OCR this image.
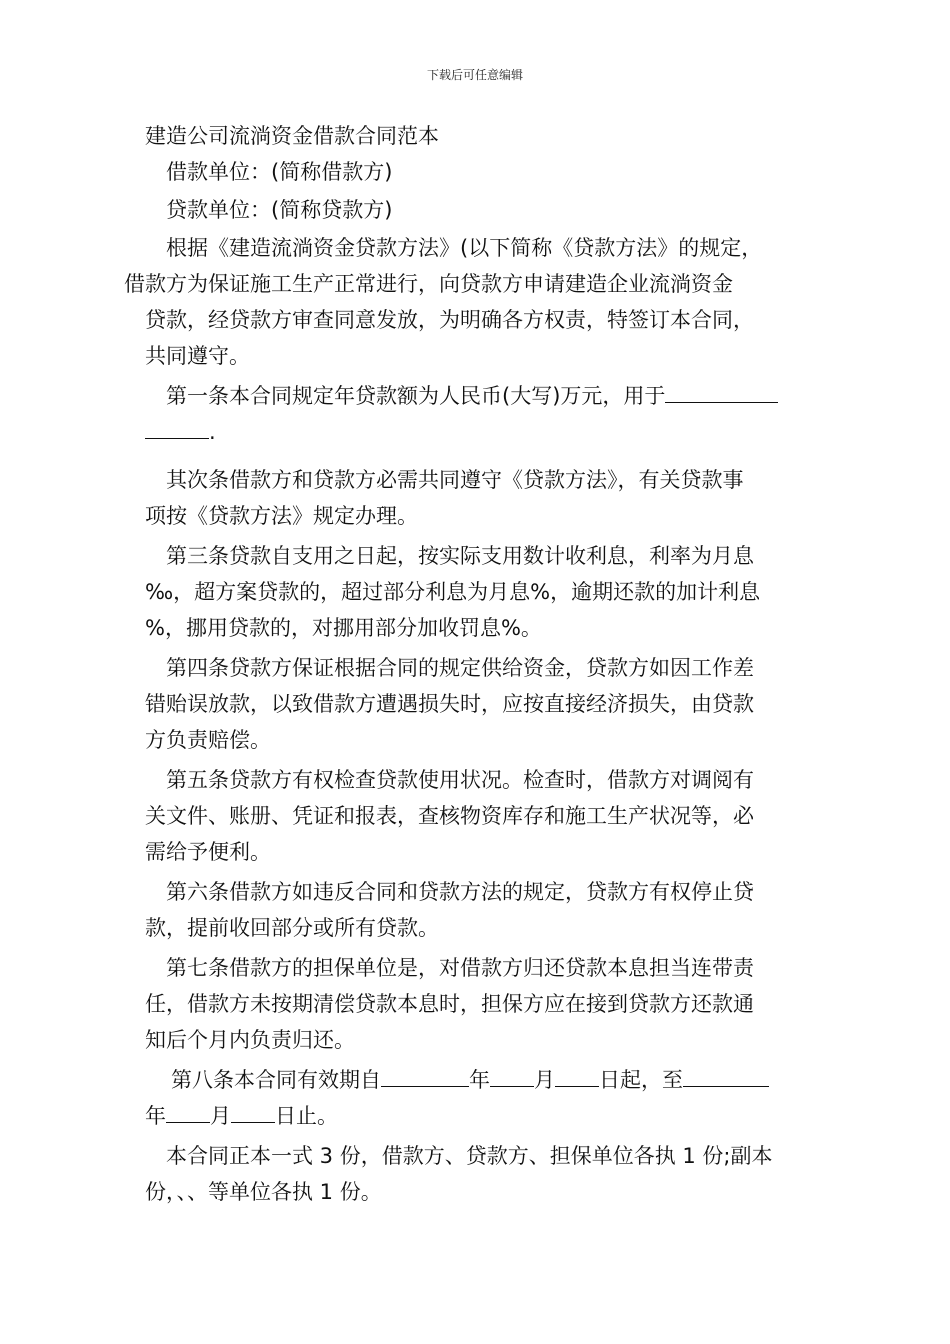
下载后可任意编辑

建造公司流淌资金借款合同范本

借款单位：(简称借款方)

贷款单位：(简称贷款方)

根据《建造流淌资金贷款方法》(以下简称《贷款方法》的规定，
借款方为保证施工生产正常进行，向贷款方申请建造企业流淌资金
贷款，经贷款方审查同意发放，为明确各方权责，特签订本合同，
共同遵守。

第一条本合同规定年贷款额为人民币(大写)万元，用于
.

其次条借款方和贷款方必需共同遵守《贷款方法》，有关贷款事
项按《贷款方法》规定办理。

第三条贷款自支用之日起，按实际支用数计收利息，利率为月息
‰，超方案贷款的，超过部分利息为月息%，逾期还款的加计利息
%，挪用贷款的，对挪用部分加收罚息%。

第四条贷款方保证根据合同的规定供给资金，贷款方如因工作差
错贻误放款，以致借款方遭遇损失时，应按直接经济损失，由贷款
方负责赔偿。

第五条贷款方有权检查贷款使用状况。检查时，借款方对调阅有
关文件、账册、凭证和报表，查核物资库存和施工生产状况等，必
需给予便利。

第六条借款方如违反合同和贷款方法的规定，贷款方有权停止贷
款，提前收回部分或所有贷款。

第七条借款方的担保单位是，对借款方归还贷款本息担当连带责
任，借款方未按期清偿贷款本息时，担保方应在接到贷款方还款通
知后个月内负责归还。

第八条本合同有效期自	年 月 日起，至
年 月 日止。

本合同正本一式 3 份，借款方、贷款方、担保单位各执 1 份;副本
份，、、等单位各执 1 份。
